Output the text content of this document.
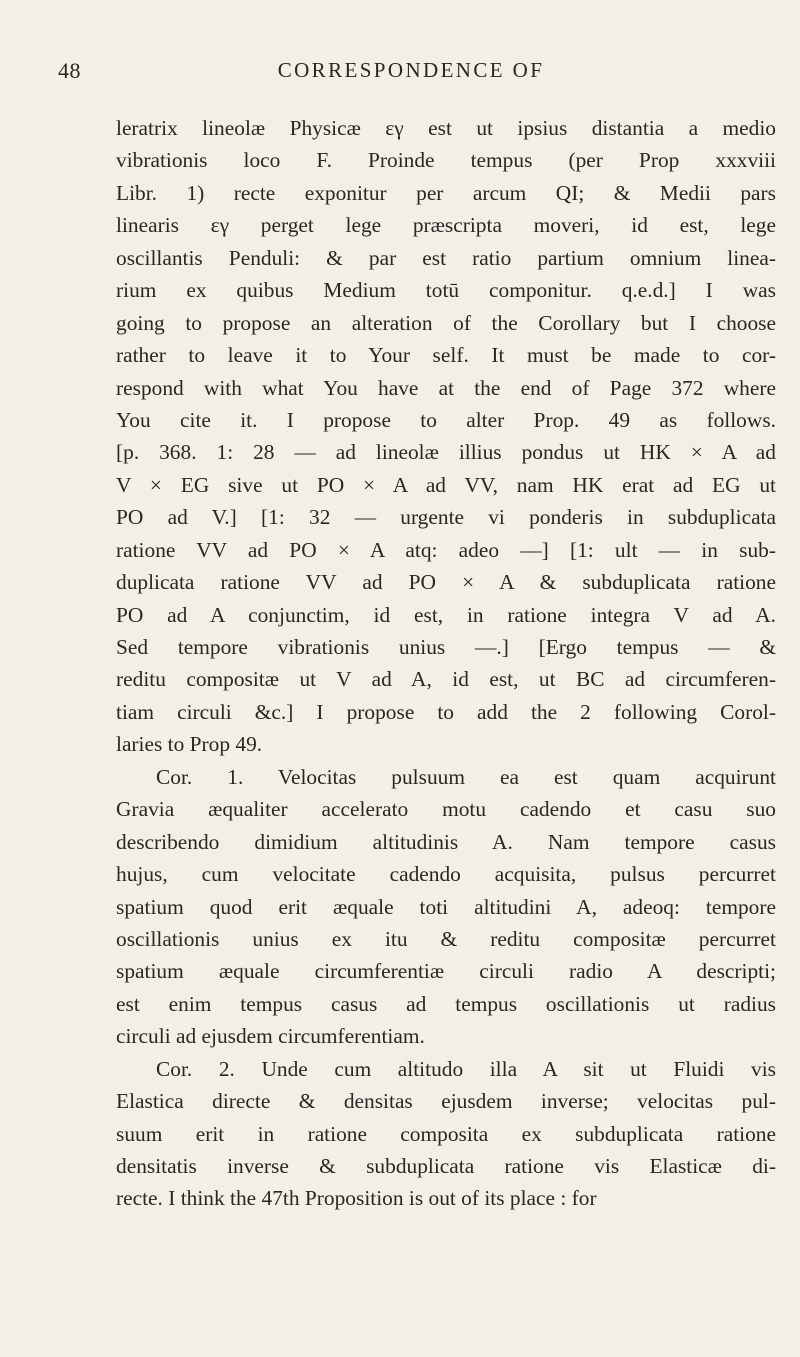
48	CORRESPONDENCE OF
leratrix lineolæ Physicæ εγ est ut ipsius distantia a medio
vibrationis loco F. Proinde tempus (per Prop xxxviii
Libr. 1) recte exponitur per arcum QI; & Medii pars
linearis εγ perget lege præscripta moveri, id est, lege
oscillantis Penduli: & par est ratio partium omnium linea-
rium ex quibus Medium totū componitur. q.e.d.] I was
going to propose an alteration of the Corollary but I choose
rather to leave it to Your self. It must be made to cor-
respond with what You have at the end of Page 372 where
You cite it. I propose to alter Prop. 49 as follows.
[p. 368. 1: 28 — ad lineolæ illius pondus ut HK × A ad
V × EG sive ut PO × A ad VV, nam HK erat ad EG ut
PO ad V.] [1: 32 — urgente vi ponderis in subduplicata
ratione VV ad PO × A atq: adeo —] [1: ult — in sub-
duplicata ratione VV ad PO × A & subduplicata ratione
PO ad A conjunctim, id est, in ratione integra V ad A.
Sed tempore vibrationis unius —.] [Ergo tempus — &
reditu compositæ ut V ad A, id est, ut BC ad circumferen-
tiam circuli &c.] I propose to add the 2 following Corol-
laries to Prop 49.
Cor. 1. Velocitas pulsuum ea est quam acquirunt
Gravia æqualiter accelerato motu cadendo et casu suo
describendo dimidium altitudinis A. Nam tempore casus
hujus, cum velocitate cadendo acquisita, pulsus percurret
spatium quod erit æquale toti altitudini A, adeoq: tempore
oscillationis unius ex itu & reditu compositæ percurret
spatium æquale circumferentiæ circuli radio A descripti;
est enim tempus casus ad tempus oscillationis ut radius
circuli ad ejusdem circumferentiam.
Cor. 2. Unde cum altitudo illa A sit ut Fluidi vis
Elastica directe & densitas ejusdem inverse; velocitas pul-
suum erit in ratione composita ex subduplicata ratione
densitatis inverse & subduplicata ratione vis Elasticæ di-
recte. I think the 47th Proposition is out of its place : for
